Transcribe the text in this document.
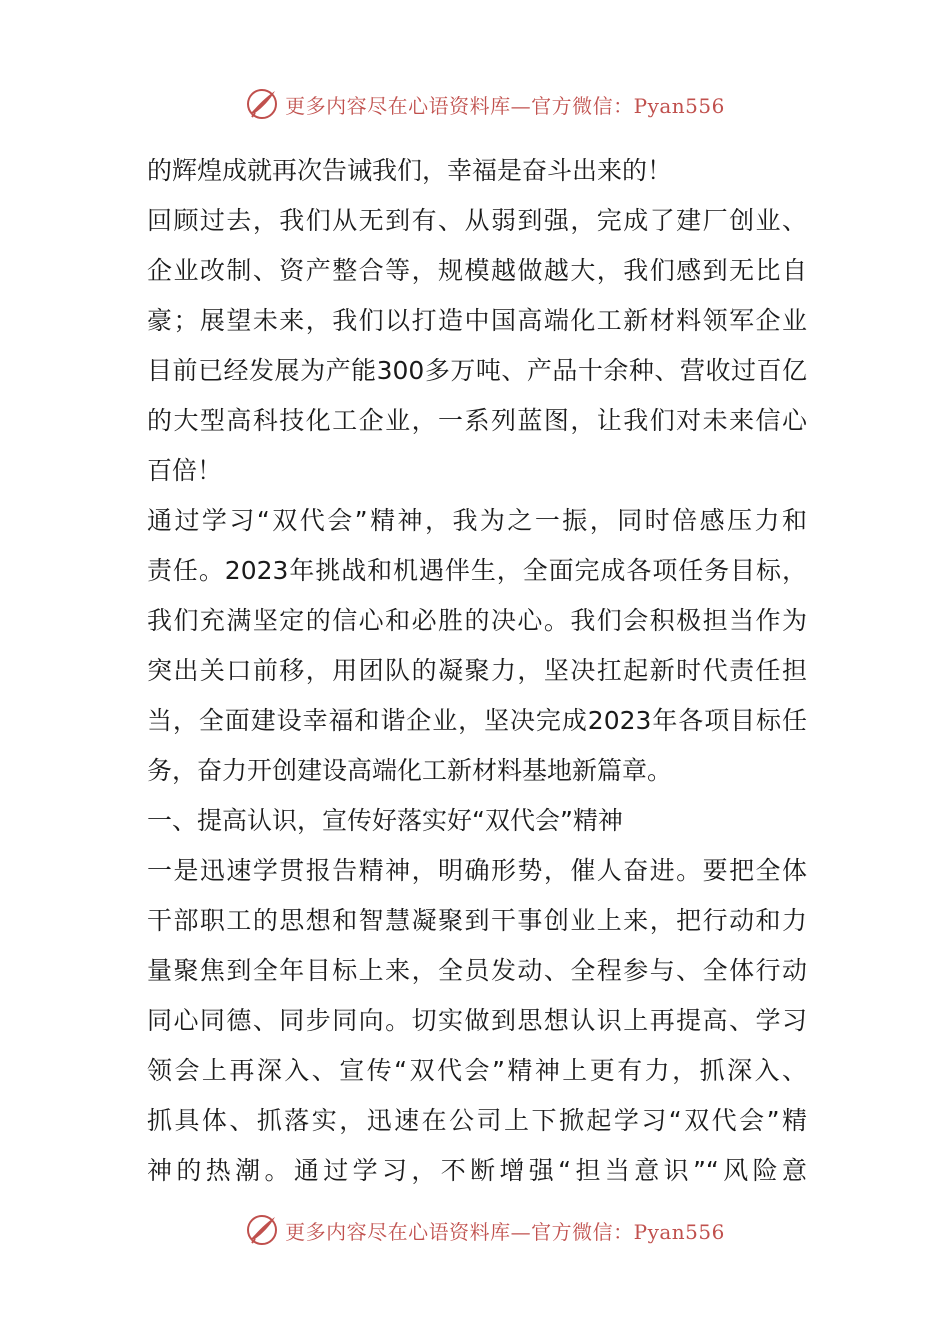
更多内容尽在心语资料库—官方微信：Pyan556
的辉煌成就再次告诫我们，幸福是奋斗出来的！
回顾过去，我们从无到有、从弱到强，完成了建厂创业、
企业改制、资产整合等，规模越做越大，我们感到无比自
豪；展望未来，我们以打造中国高端化工新材料领军企业
目前已经发展为产能300多万吨、产品十余种、营收过百亿
的大型高科技化工企业，一系列蓝图，让我们对未来信心
百倍！
通过学习“双代会”精神，我为之一振，同时倍感压力和
责任。2023年挑战和机遇伴生，全面完成各项任务目标，
我们充满坚定的信心和必胜的决心。我们会积极担当作为
突出关口前移，用团队的凝聚力，坚决扛起新时代责任担
当，全面建设幸福和谐企业，坚决完成2023年各项目标任
务，奋力开创建设高端化工新材料基地新篇章。
一、提高认识，宣传好落实好“双代会”精神
一是迅速学贯报告精神，明确形势，催人奋进。要把全体
干部职工的思想和智慧凝聚到干事创业上来，把行动和力
量聚焦到全年目标上来，全员发动、全程参与、全体行动
同心同德、同步同向。切实做到思想认识上再提高、学习
领会上再深入、宣传“双代会”精神上更有力，抓深入、
抓具体、抓落实，迅速在公司上下掀起学习“双代会”精
神的热潮。通过学习，不断增强“担当意识”“风险意
更多内容尽在心语资料库—官方微信：Pyan556
